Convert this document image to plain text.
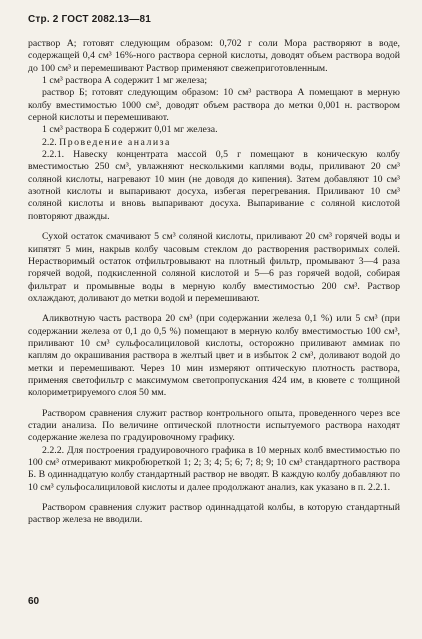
Стр. 2 ГОСТ 2082.13—81

раствор А; готовят следующим образом: 0,702 г соли Мора растворяют в воде, содержащей 0,4 см³ 16%-ного раствора серной кислоты, доводят объем раствора водой до 100 см³ и перемешивают Раствор применяют свежеприготовленным.

1 см³ раствора А содержит 1 мг железа;

раствор Б; готовят следующим образом: 10 см³ раствора А помещают в мерную колбу вместимостью 1000 см³, доводят объем раствора до метки 0,001 н. раствором серной кислоты и перемешивают.

1 см³ раствора Б содержит 0,01 мг железа.

2.2. Проведение анализа

2.2.1. Навеску концентрата массой 0,5 г помещают в коническую колбу вместимостью 250 см³, увлажняют несколькими каплями воды, приливают 20 см³ соляной кислоты, нагревают 10 мин (не доводя до кипения). Затем добавляют 10 см³ азотной кислоты и выпаривают досуха, избегая перегревания. Приливают 10 см³ соляной кислоты и вновь выпаривают досуха. Выпаривание с соляной кислотой повторяют дважды.

Сухой остаток смачивают 5 см³ соляной кислоты, приливают 20 см³ горячей воды и кипятят 5 мин, накрыв колбу часовым стеклом до растворения растворимых солей. Нерастворимый остаток отфильтровывают на плотный фильтр, промывают 3—4 раза горячей водой, подкисленной соляной кислотой и 5—6 раз горячей водой, собирая фильтрат и промывные воды в мерную колбу вместимостью 200 см³. Раствор охлаждают, доливают до метки водой и перемешивают.

Аликвотную часть раствора 20 см³ (при содержании железа 0,1 %) или 5 см³ (при содержании железа от 0,1 до 0,5 %) помещают в мерную колбу вместимостью 100 см³, приливают 10 см³ сульфосалициловой кислоты, осторожно приливают аммиак по каплям до окрашивания раствора в желтый цвет и в избыток 2 см³, доливают водой до метки и перемешивают. Через 10 мин измеряют оптическую плотность раствора, применяя светофильтр с максимумом светопропускания 424 им, в кювете с толщиной колориметрируемого слоя 50 мм.

Раствором сравнения служит раствор контрольного опыта, проведенного через все стадии анализа. По величине оптической плотности испытуемого раствора находят содержание железа по градуировочному графику.

2.2.2. Для построения градуировочного графика в 10 мерных колб вместимостью по 100 см³ отмеривают микробюреткой 1; 2; 3; 4; 5; 6; 7; 8; 9; 10 см³ стандартного раствора Б. В одиннадцатую колбу стандартный раствор не вводят. В каждую колбу добавляют по 10 см³ сульфосалициловой кислоты и далее продолжают анализ, как указано в п. 2.2.1.

Раствором сравнения служит раствор одиннадцатой колбы, в которую стандартный раствор железа не вводили.

60
